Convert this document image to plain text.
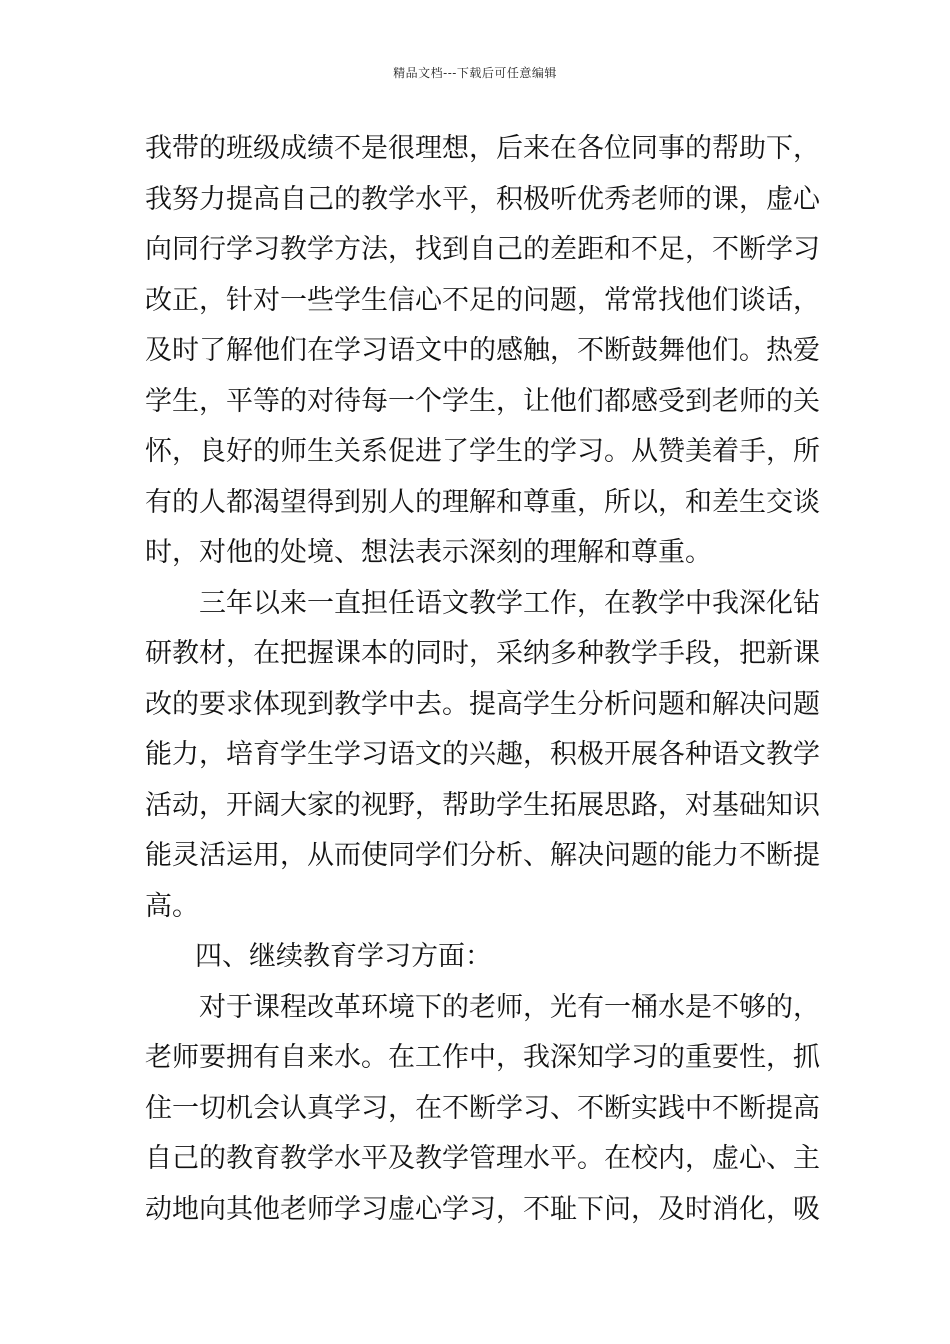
精品文档---下载后可任意编辑
我带的班级成绩不是很理想，后来在各位同事的帮助下，
我努力提高自己的教学水平，积极听优秀老师的课，虚心
向同行学习教学方法，找到自己的差距和不足，不断学习
改正，针对一些学生信心不足的问题，常常找他们谈话，
及时了解他们在学习语文中的感触，不断鼓舞他们。热爱
学生，平等的对待每一个学生，让他们都感受到老师的关
怀，良好的师生关系促进了学生的学习。从赞美着手，所
有的人都渴望得到别人的理解和尊重，所以，和差生交谈
时，对他的处境、想法表示深刻的理解和尊重。
三年以来一直担任语文教学工作，在教学中我深化钻
研教材，在把握课本的同时，采纳多种教学手段，把新课
改的要求体现到教学中去。提高学生分析问题和解决问题
能力，培育学生学习语文的兴趣，积极开展各种语文教学
活动，开阔大家的视野，帮助学生拓展思路，对基础知识
能灵活运用，从而使同学们分析、解决问题的能力不断提
高。
四、继续教育学习方面：
对于课程改革环境下的老师，光有一桶水是不够的，
老师要拥有自来水。在工作中，我深知学习的重要性，抓
住一切机会认真学习，在不断学习、不断实践中不断提高
自己的教育教学水平及教学管理水平。在校内，虚心、主
动地向其他老师学习虚心学习，不耻下问，及时消化，吸
